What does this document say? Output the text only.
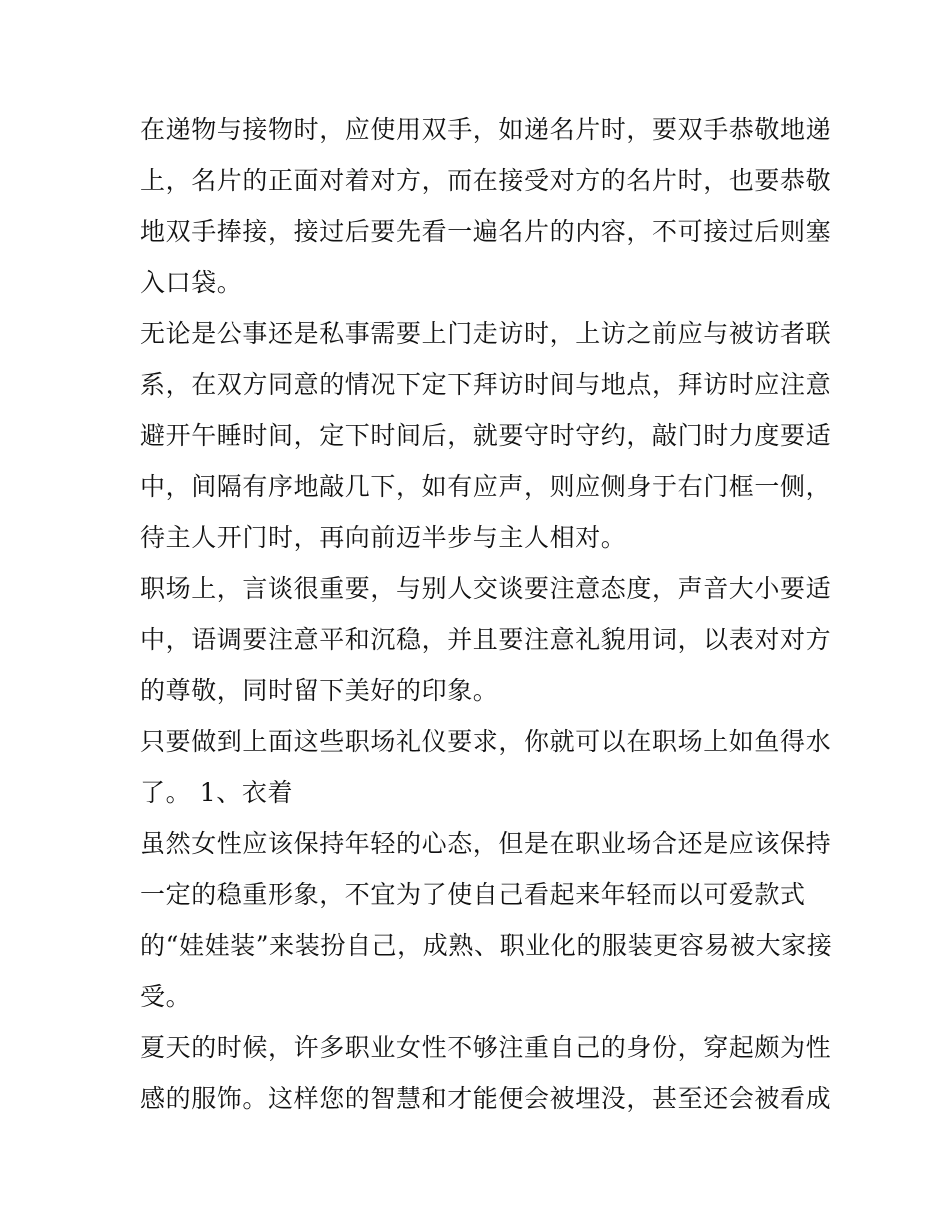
在递物与接物时，应使用双手，如递名片时，要双手恭敬地递
上，名片的正面对着对方，而在接受对方的名片时，也要恭敬
地双手捧接，接过后要先看一遍名片的内容，不可接过后则塞
入口袋。
无论是公事还是私事需要上门走访时，上访之前应与被访者联
系，在双方同意的情况下定下拜访时间与地点，拜访时应注意
避开午睡时间，定下时间后，就要守时守约，敲门时力度要适
中，间隔有序地敲几下，如有应声，则应侧身于右门框一侧，
待主人开门时，再向前迈半步与主人相对。
职场上，言谈很重要，与别人交谈要注意态度，声音大小要适
中，语调要注意平和沉稳，并且要注意礼貌用词，以表对对方
的尊敬，同时留下美好的印象。
只要做到上面这些职场礼仪要求，你就可以在职场上如鱼得水
了。 1、衣着
虽然女性应该保持年轻的心态，但是在职业场合还是应该保持
一定的稳重形象，不宜为了使自己看起来年轻而以可爱款式
的“娃娃装”来装扮自己，成熟、职业化的服装更容易被大家接
受。
夏天的时候，许多职业女性不够注重自己的身份，穿起颇为性
感的服饰。这样您的智慧和才能便会被埋没，甚至还会被看成
